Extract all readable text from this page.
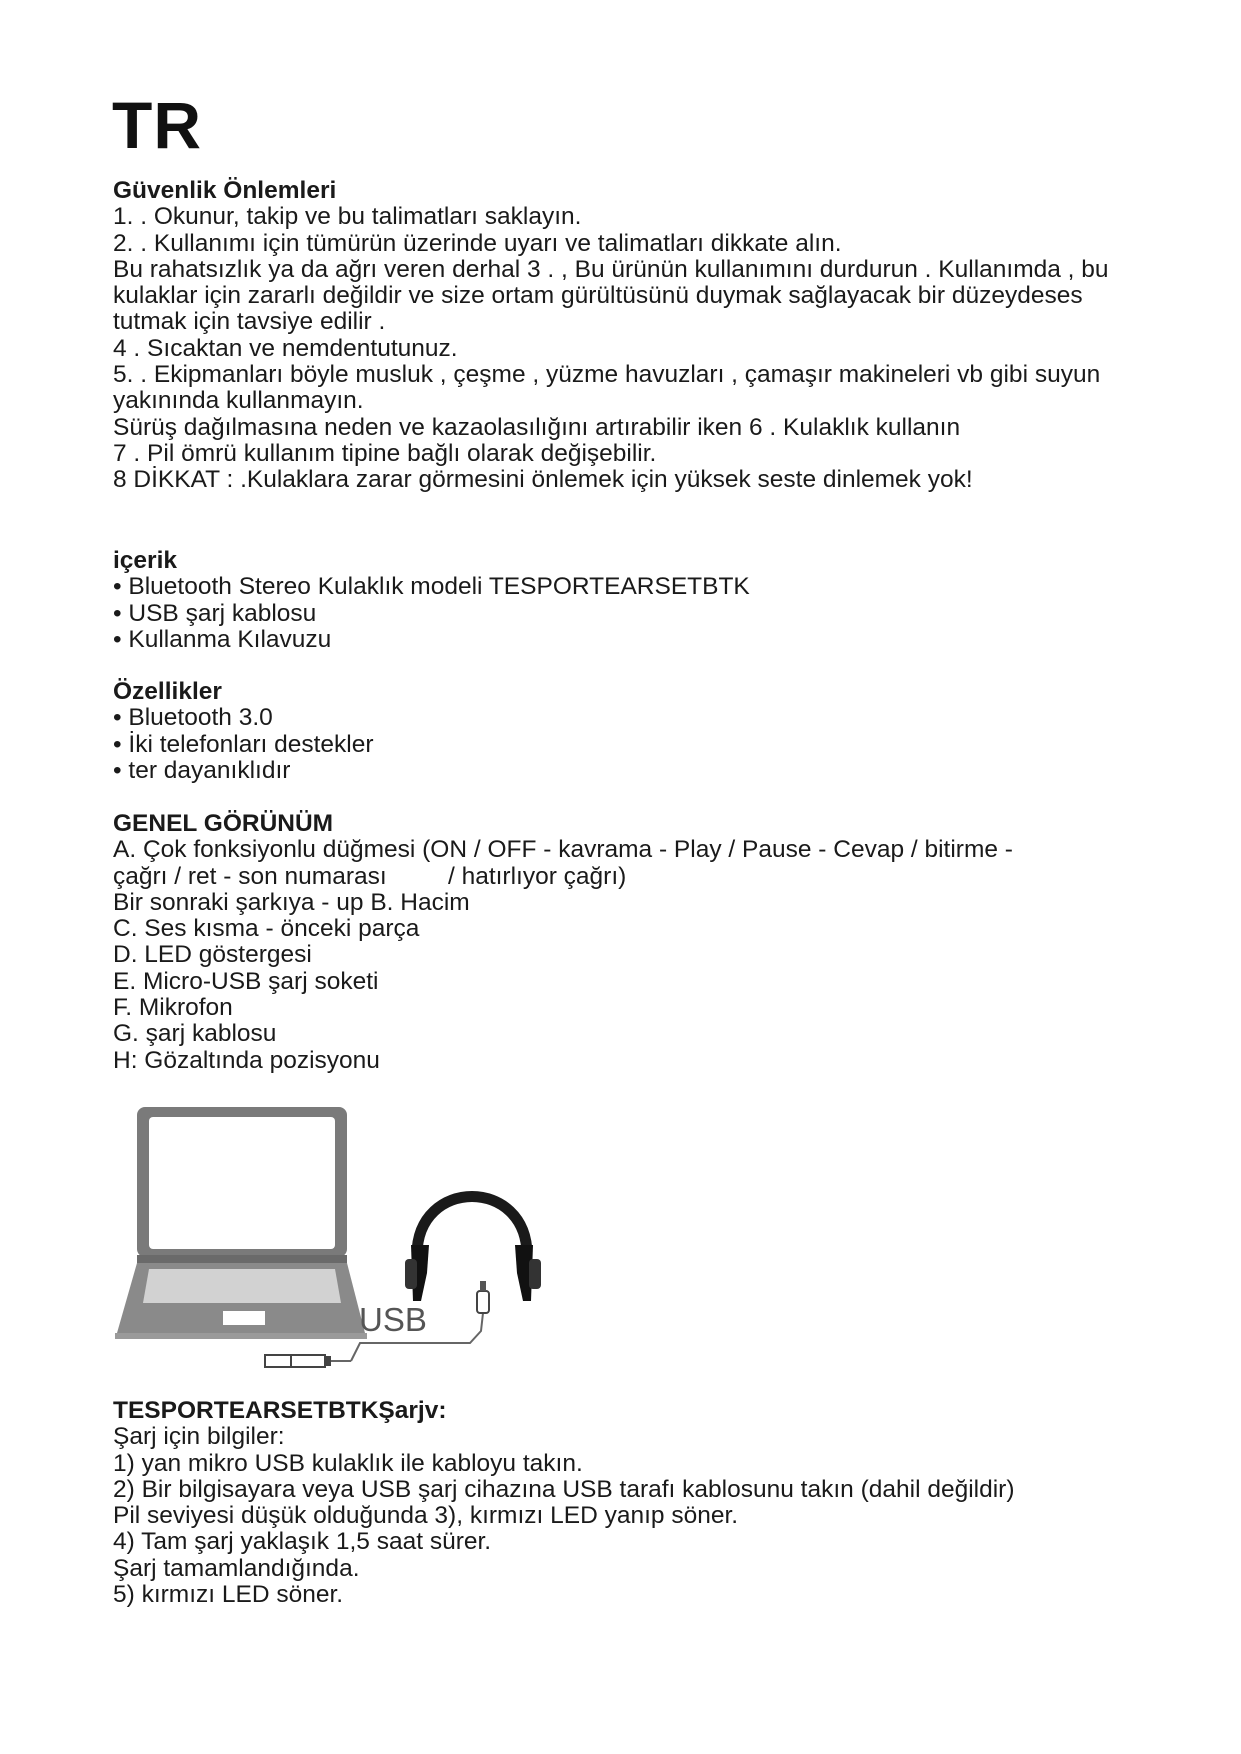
TR
Güvenlik Önlemleri
1. . Okunur, takip ve bu talimatları saklayın.
2. . Kullanımı için tümürün üzerinde uyarı ve talimatları dikkate alın.
Bu rahatsızlık ya da ağrı veren derhal 3 . , Bu ürünün kullanımını durdurun . Kullanımda , bu
kulaklar için zararlı değildir ve size ortam gürültüsünü duymak sağlayacak bir düzeydeses
tutmak için tavsiye edilir .
4 . Sıcaktan ve nemdentutunuz.
5. . Ekipmanları böyle musluk , çeşme , yüzme havuzları , çamaşır makineleri vb gibi suyun
yakınında kullanmayın.
Sürüş dağılmasına neden ve kazaolasılığını artırabilir iken 6 . Kulaklık kullanın
7 . Pil ömrü kullanım tipine bağlı olarak değişebilir.
8 DİKKAT : .Kulaklara zarar görmesini önlemek için yüksek seste dinlemek yok!
içerik
• Bluetooth Stereo Kulaklık modeli TESPORTEARSETBTK
• USB şarj kablosu
• Kullanma Kılavuzu
Özellikler
• Bluetooth 3.0
• İki telefonları destekler
• ter dayanıklıdır
GENEL GÖRÜNÜM
A. Çok fonksiyonlu düğmesi (ON / OFF - kavrama - Play / Pause - Cevap / bitirme -
çağrı / ret - son numarası         / hatırlıyor çağrı)
Bir sonraki şarkıya - up B. Hacim
C. Ses kısma - önceki parça
D. LED göstergesi
E. Micro-USB şarj soketi
F. Mikrofon
G. şarj kablosu
H: Gözaltında pozisyonu
USB
TESPORTEARSETBTKŞarjv:
Şarj için bilgiler:
1) yan mikro USB kulaklık ile kabloyu takın.
2) Bir bilgisayara veya USB şarj cihazına USB tarafı kablosunu takın (dahil değildir)
Pil seviyesi düşük olduğunda 3), kırmızı LED yanıp söner.
4) Tam şarj yaklaşık 1,5 saat sürer.
Şarj tamamlandığında.
5) kırmızı LED söner.
